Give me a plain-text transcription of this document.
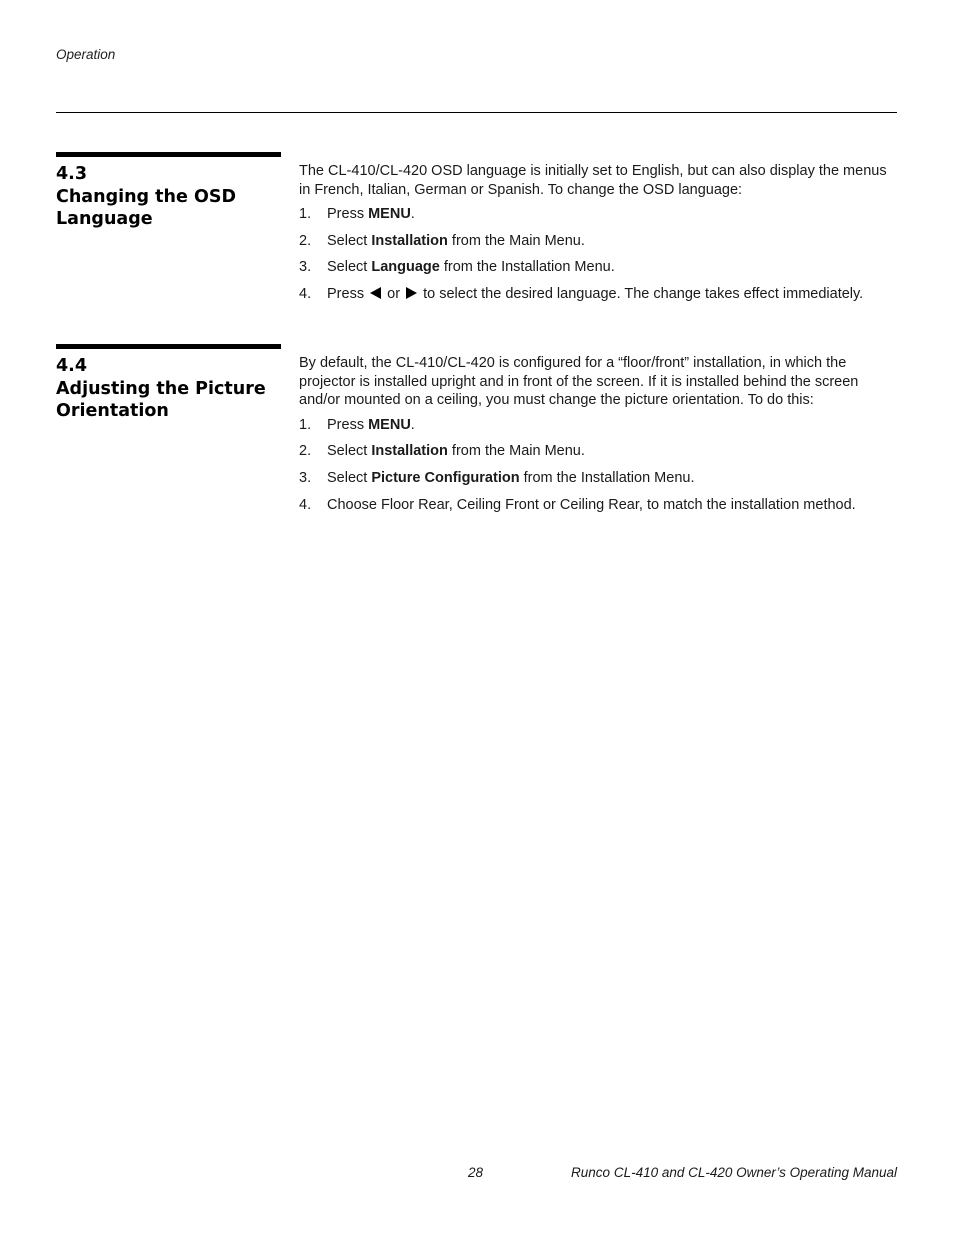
Operation
4.3
Changing the OSD Language

The CL-410/CL-420 OSD language is initially set to English, but can also display the menus in French, Italian, German or Spanish. To change the OSD language:

1. Press MENU.
2. Select Installation from the Main Menu.
3. Select Language from the Installation Menu.
4. Press or to select the desired language. The change takes effect immediately.
4.4
Adjusting the Picture Orientation

By default, the CL-410/CL-420 is configured for a “floor/front” installation, in which the projector is installed upright and in front of the screen. If it is installed behind the screen and/or mounted on a ceiling, you must change the picture orientation. To do this:

1. Press MENU.
2. Select Installation from the Main Menu.
3. Select Picture Configuration from the Installation Menu.
4. Choose Floor Rear, Ceiling Front or Ceiling Rear, to match the installation method.
28	Runco CL-410 and CL-420 Owner’s Operating Manual
